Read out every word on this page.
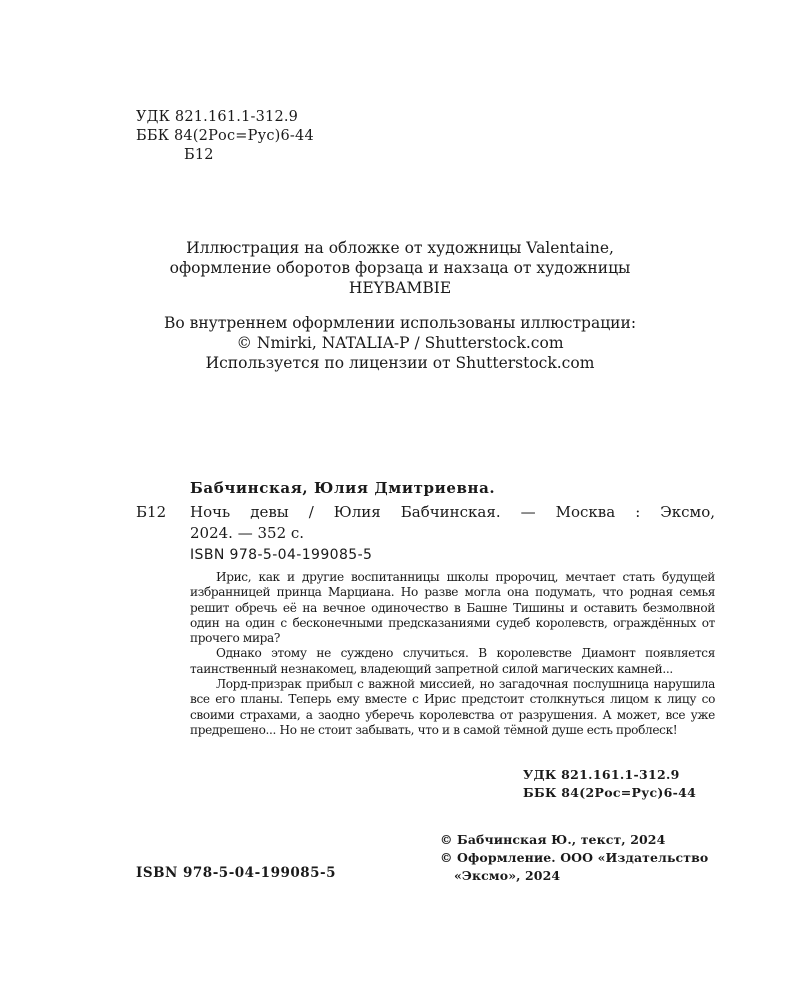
УДК 821.161.1-312.9
ББК 84(2Рос=Рус)6-44
Б12
Иллюстрация на обложке от художницы Valentaine,
оформление оборотов форзаца и нахзаца от художницы
HEYBAMBIE
Во внутреннем оформлении использованы иллюстрации:
© Nmirki, NATALIA-P / Shutterstock.com
Используется по лицензии от Shutterstock.com
Бабчинская, Юлия Дмитриевна.
Б12 Ночь девы / Юлия Бабчинская. — Москва : Эксмо,
2024. — 352 с.
ISBN 978-5-04-199085-5

Ирис, как и другие воспитанницы школы пророчиц, мечтает стать будущей избранницей принца Марциана. Но разве могла она подумать, что родная семья решит обречь её на вечное одиночество в Башне Тишины и оставить безмолвной один на один с бесконечными предсказаниями судеб королевств, ограждённых от прочего мира?

Однако этому не суждено случиться. В королевстве Диамонт появляется таинственный незнакомец, владеющий запретной силой магических камней...

Лорд-призрак прибыл с важной миссией, но загадочная послушница нарушила все его планы. Теперь ему вместе с Ирис предстоит столкнуться лицом к лицу со своими страхами, а заодно уберечь королевства от разрушения. А может, все уже предрешено... Но не стоит забывать, что и в самой тёмной душе есть проблеск!

УДК 821.161.1-312.9
ББК 84(2Рос=Рус)6-44
ISBN 978-5-04-199085-5
© Бабчинская Ю., текст, 2024
© Оформление. ООО «Издательство
«Эксмо», 2024
